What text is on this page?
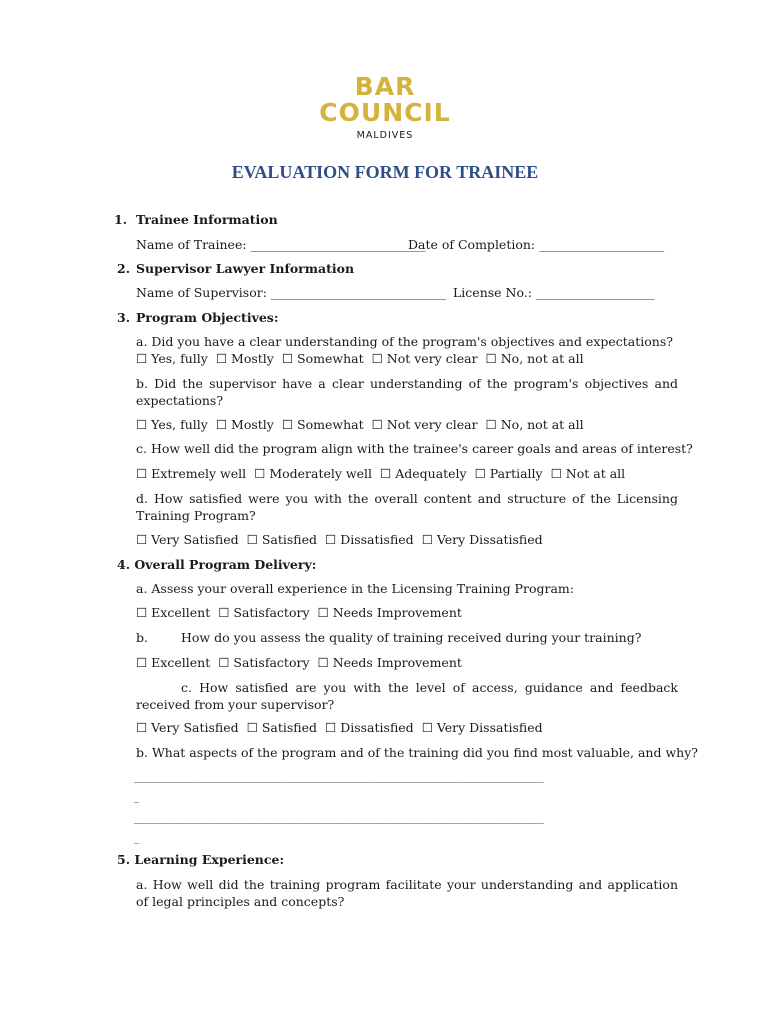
BAR
COUNCIL
MALDIVES
EVALUATION FORM FOR TRAINEE
1. Trainee Information
Name of Trainee: ____________________________
Date of Completion: ____________________
2. Supervisor Lawyer Information
Name of Supervisor: ____________________________ License No.: ___________________
3. Program Objectives:
a. Did you have a clear understanding of the program's objectives and expectations?
☐ Yes, fully ☐ Mostly ☐ Somewhat ☐ Not very clear ☐ No, not at all
b. Did the supervisor have a clear understanding of the program's objectives and expectations?
☐ Yes, fully ☐ Mostly ☐ Somewhat ☐ Not very clear ☐ No, not at all
c. How well did the program align with the trainee's career goals and areas of interest?
☐ Extremely well ☐ Moderately well ☐ Adequately ☐ Partially ☐ Not at all
d. How satisfied were you with the overall content and structure of the Licensing Training Program?
☐ Very Satisfied ☐ Satisfied ☐ Dissatisfied ☐ Very Dissatisfied
4. Overall Program Delivery:
a. Assess your overall experience in the Licensing Training Program:
☐ Excellent ☐ Satisfactory ☐ Needs Improvement
b.	How do you assess the quality of training received during your training?
☐ Excellent ☐ Satisfactory ☐ Needs Improvement
c. How satisfied are you with the level of access, guidance and feedback received from your supervisor?
☐ Very Satisfied ☐ Satisfied ☐ Dissatisfied ☐ Very Dissatisfied
b. What aspects of the program and of the training did you find most valuable, and why?
_____________________________________________________________________________________________
_
_____________________________________________________________________________________________
_
5. Learning Experience:
a. How well did the training program facilitate your understanding and application of legal principles and concepts?
